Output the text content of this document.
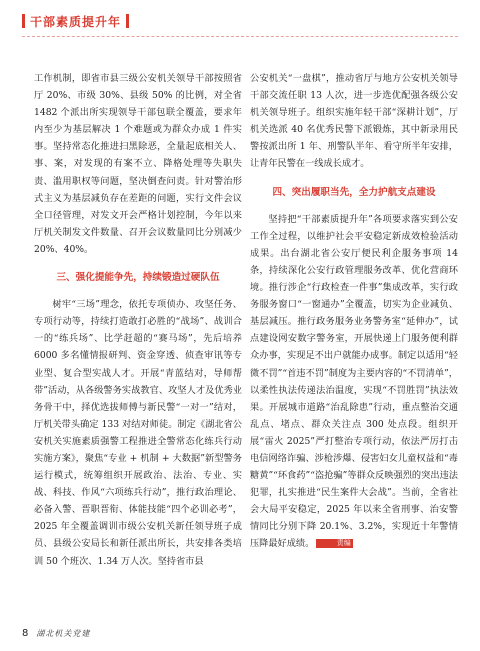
干部素质提升年

工作机制，即省市县三级公安机关领导干部按照省厅 20%、市级 30%、县级 50% 的比例，对全省 1482 个派出所实现领导干部包联全覆盖，要求年内至少为基层解决 1 个难题或为群众办成 1 件实事。坚持常态化推进扫黑除恶，全量起底相关人、事、案，对发现的有案不立、降格处理等失职失责、滥用职权等问题，坚决倒查问责。针对警治形式主义为基层减负存在差距的问题，实行文件会议全口径管理，对发文开会严格计划控制，今年以来厅机关制发文件数量、召开会议数量同比分别减少 20%、40%。

三、强化提能争先，持续锻造过硬队伍

树牢“三场”理念，依托专项侦办、攻坚任务、专项行动等，持续打造敢打必胜的“战场”、战训合一的“练兵场”、比学赶超的“赛马场”，先后培养 6000 多名懂情报研判、资金穿透、侦查审讯等专业型、复合型实战人才。开展“青蓝结对，导师帮带”活动，从各级警务实战教官、攻坚人才及优秀业务骨干中，择优选拔师傅与新民警“一对一”结对，厅机关带头确定 133 对结对师徒。制定《湖北省公安机关实施素质强警工程推进全警常态化练兵行动实施方案》，聚焦“专业 + 机制 + 大数据”新型警务运行模式，统筹组织开展政治、法治、专业、实战、科技、作风“六项练兵行动”，推行政治理论、必备入警、晋职晋衔、体能技能“四个必训必考”，2025 年全覆盖调训市级公安机关新任领导班子成员、县级公安局长和新任派出所长，共安排各类培训 50 个班次、1.34 万人次。坚持省市县

公安机关“一盘棋”，推动省厅与地方公安机关领导干部交流任职 13 人次，进一步选优配强各级公安机关领导班子。组织实施年轻干部“深耕计划”，厅机关选派 40 名优秀民警下派锻炼，其中新录用民警按派出所 1 年、刑警队半年、看守所半年安排，让青年民警在一线成长成才。

四、突出履职当先，全力护航支点建设

坚持把“干部素质提升年”各项要求落实到公安工作全过程，以维护社会平安稳定新成效检验活动成果。出台湖北省公安厅便民利企服务事项 14 条，持续深化公安行政管理服务改革、优化营商环境。推行涉企“行政检查一件事”集成改革，实行政务服务窗口“一窗通办”全覆盖，切实为企业减负、基层减压。推行政务服务业务警务室“延伸办”，试点建设网安数字警务室，开展快递上门服务便利群众办事，实现足不出户就能办成事。制定以适用“轻微不罚”“首违不罚”制度为主要内容的“不罚清单”，以柔性执法传递法治温度，实现“不罚胜罚”执法效果。开展城市道路“治乱除患”行动，重点整治交通乱点、堵点、群众关注点 300 处点段。组织开展“雷火 2025”严打整治专项行动，依法严厉打击电信网络诈骗、涉枪涉爆、侵害妇女儿童权益和“毒糖黄”“环食药”“盗抢骗”等群众反映强烈的突出违法犯罪，扎实推进“民生案件大会战”。当前，全省社会大局平安稳定，2025 年以来全省刑事、治安警情同比分别下降 20.1%、3.2%，实现近十年警情压降最好成绩。	责编

8 湖北机关党建
